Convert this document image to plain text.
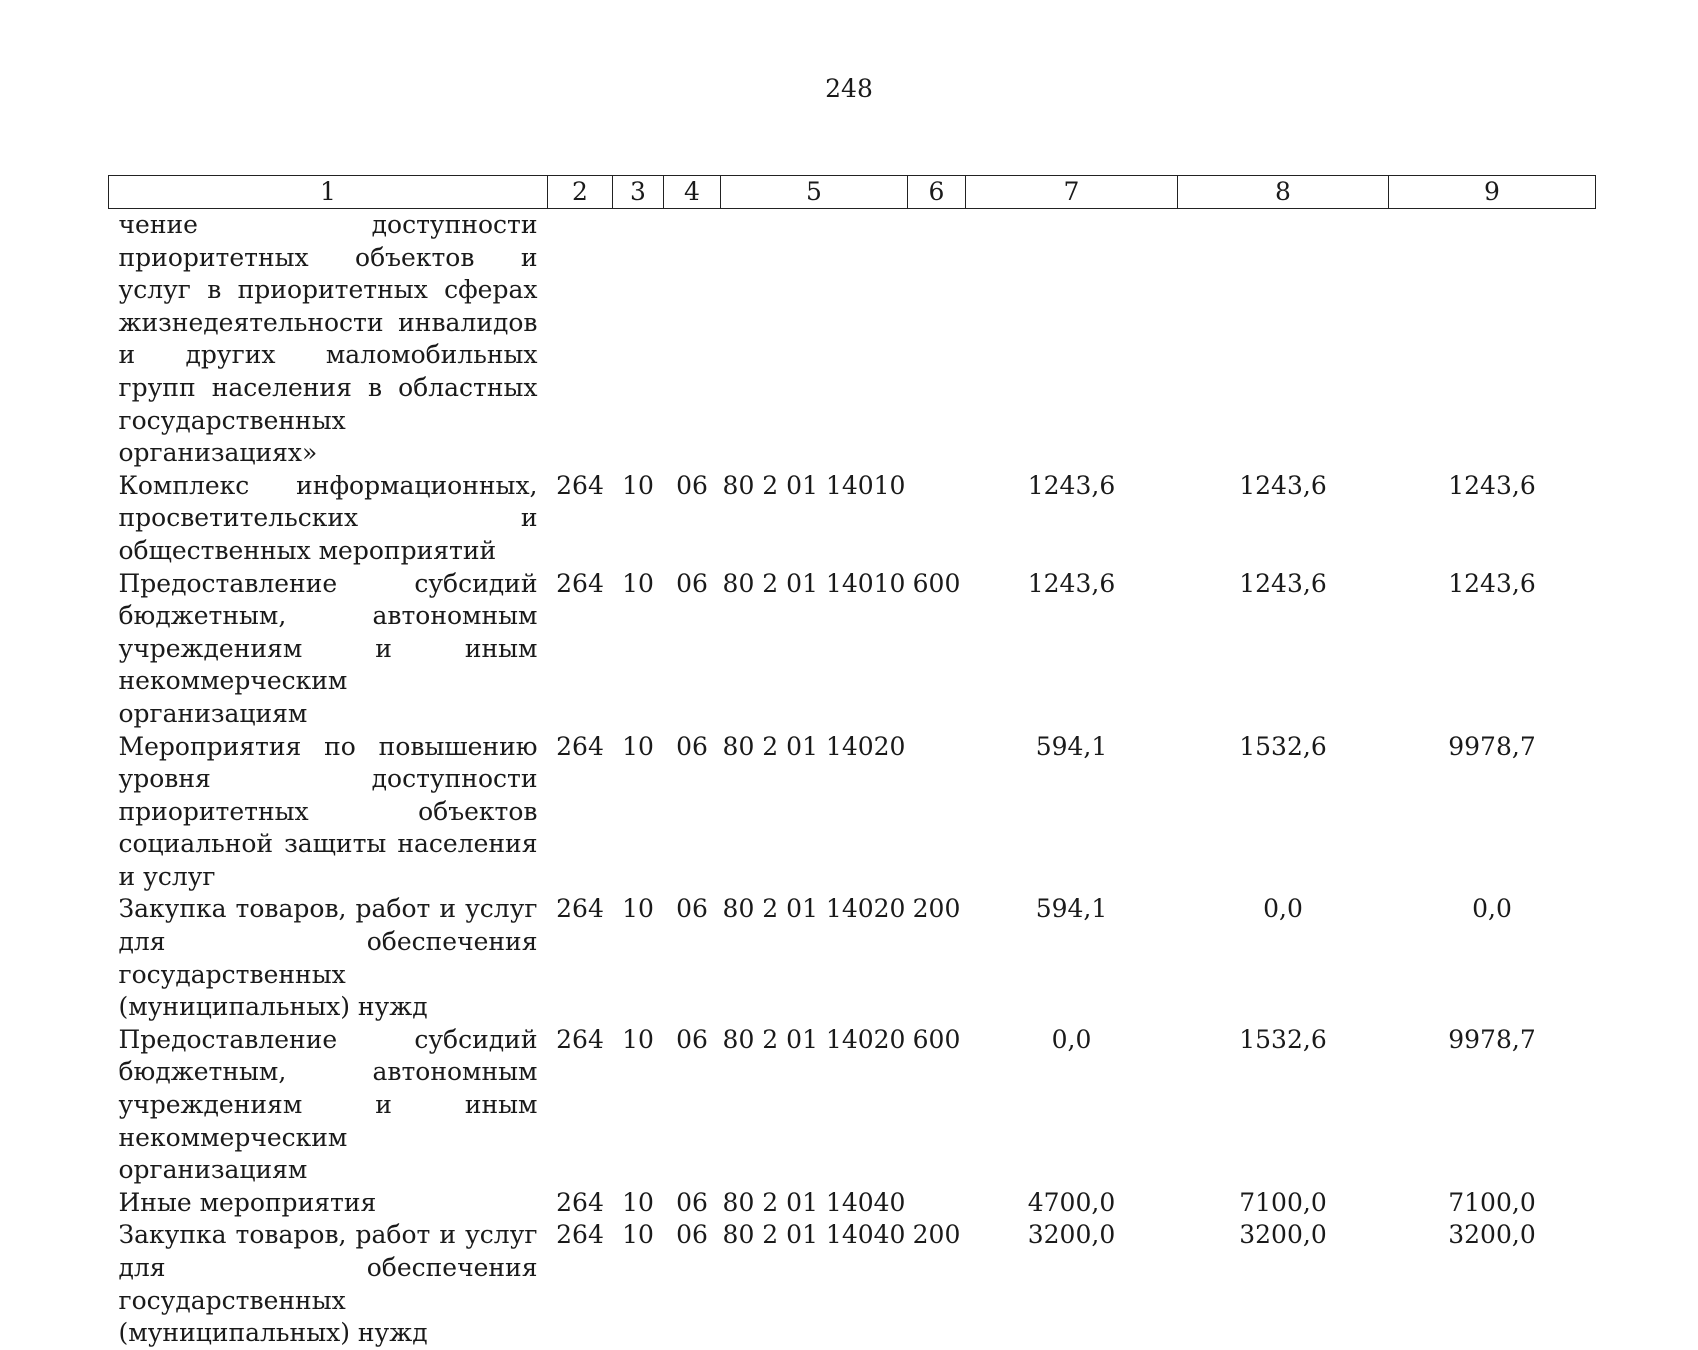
248
1	2	3	4	5	6	7	8	9
чение доступности приоритетных объектов и услуг в приоритетных сферах жизнедеятельности инвалидов и других маломобильных групп населения в областных государственных организациях»								
Комплекс информационных, просветительских и общественных мероприятий	264	10	06	80 2 01 14010		1243,6	1243,6	1243,6
Предоставление субсидий бюджетным, автономным учреждениям и иным некоммерческим организациям	264	10	06	80 2 01 14010	600	1243,6	1243,6	1243,6
Мероприятия по повышению уровня доступности приоритетных объектов социальной защиты населения и услуг	264	10	06	80 2 01 14020		594,1	1532,6	9978,7
Закупка товаров, работ и услуг для обеспечения государственных (муниципальных) нужд	264	10	06	80 2 01 14020	200	594,1	0,0	0,0
Предоставление субсидий бюджетным, автономным учреждениям и иным некоммерческим организациям	264	10	06	80 2 01 14020	600	0,0	1532,6	9978,7
Иные мероприятия	264	10	06	80 2 01 14040		4700,0	7100,0	7100,0
Закупка товаров, работ и услуг для обеспечения государственных (муниципальных) нужд	264	10	06	80 2 01 14040	200	3200,0	3200,0	3200,0
